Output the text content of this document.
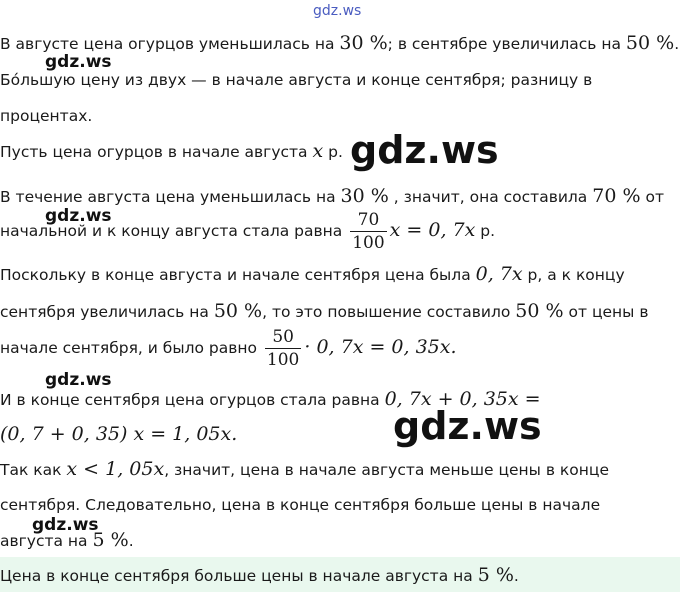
gdz.ws
В августе цена огурцов уменьшилась на 30 %; в сентябре увеличилась на 50 %.
gdz.ws
Бо́льшую цену из двух — в начале августа и конце сентября; разницу в
процентах.
Пусть цена огурцов в начале августа x р. gdz.ws
В течение августа цена уменьшилась на 30 % , значит, она составила 70 % от
gdz.ws
начальной и к концу августа стала равна $\frac{70}{100}$ x = 0, 7x р.
Поскольку в конце августа и начале сентября цена была 0, 7x р, а к концу
сентября увеличилась на 50 %, то это повышение составило 50 % от цены в
начале сентября, и было равно $\frac{50}{100} \cdot 0$, 7x = 0, 35x.
gdz.ws
И в конце сентября цена огурцов стала равна 0, 7x + 0, 35x =
(0, 7 + 0, 35) x = 1, 05x.	gdz.ws
Так как x < 1, 05x, значит, цена в начале августа меньше цены в конце
сентября. Следовательно, цена в конце сентября больше цены в начале
gdz.ws
августа на 5 %.
Цена в конце сентября больше цены в начале августа на 5 %.
